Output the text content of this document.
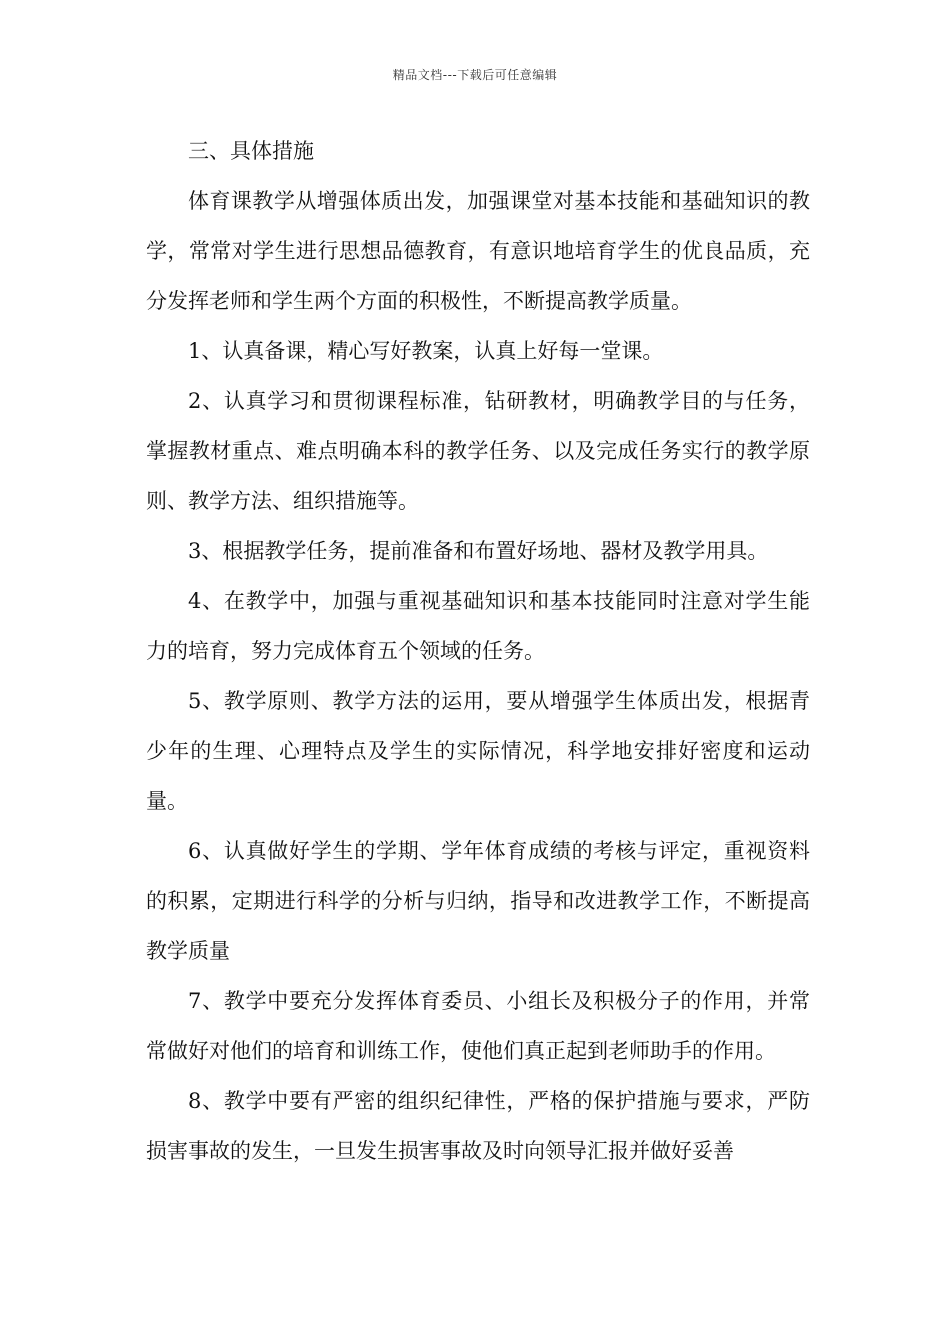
精品文档---下载后可任意编辑

三、具体措施

体育课教学从增强体质出发，加强课堂对基本技能和基础知识的教学，常常对学生进行思想品德教育，有意识地培育学生的优良品质，充分发挥老师和学生两个方面的积极性，不断提高教学质量。

1、认真备课，精心写好教案，认真上好每一堂课。

2、认真学习和贯彻课程标准，钻研教材，明确教学目的与任务，掌握教材重点、难点明确本科的教学任务、以及完成任务实行的教学原则、教学方法、组织措施等。

3、根据教学任务，提前准备和布置好场地、器材及教学用具。

4、在教学中，加强与重视基础知识和基本技能同时注意对学生能力的培育，努力完成体育五个领域的任务。

5、教学原则、教学方法的运用，要从增强学生体质出发，根据青少年的生理、心理特点及学生的实际情况，科学地安排好密度和运动量。

6、认真做好学生的学期、学年体育成绩的考核与评定，重视资料的积累，定期进行科学的分析与归纳，指导和改进教学工作，不断提高教学质量

7、教学中要充分发挥体育委员、小组长及积极分子的作用，并常常做好对他们的培育和训练工作，使他们真正起到老师助手的作用。

8、教学中要有严密的组织纪律性，严格的保护措施与要求，严防损害事故的发生，一旦发生损害事故及时向领导汇报并做好妥善
